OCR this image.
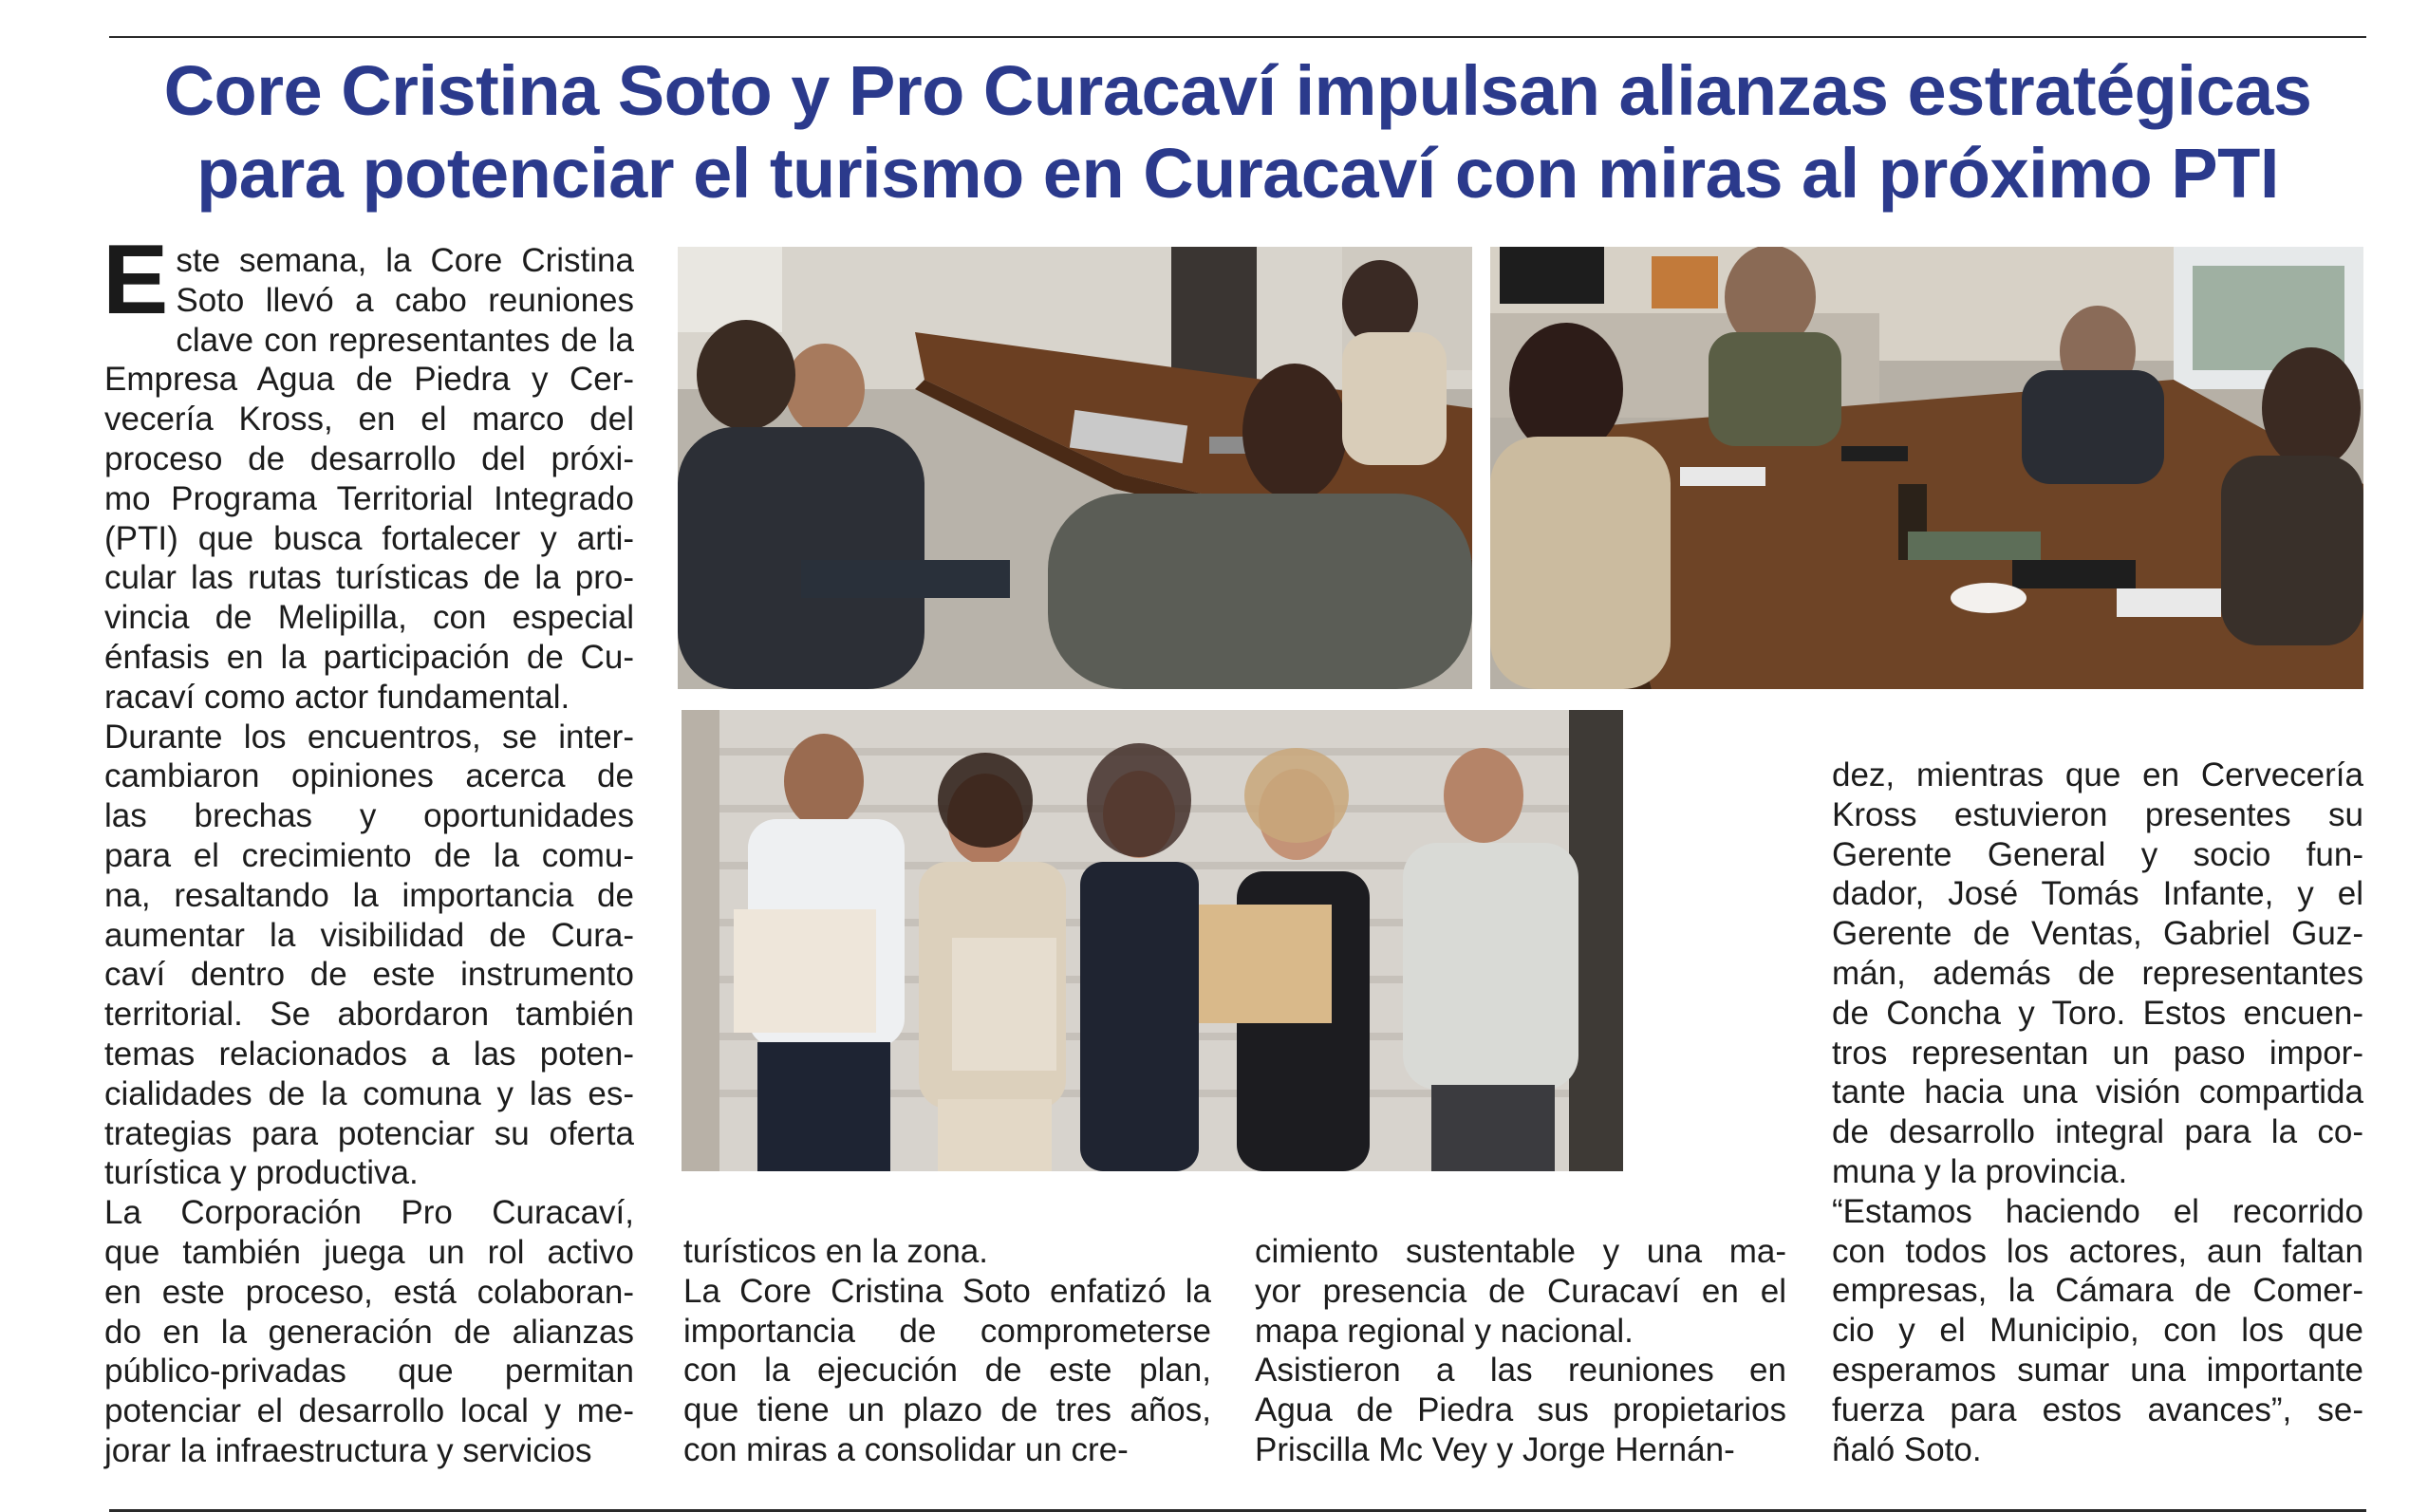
Core Cristina Soto y Pro Curacaví impulsan alianzas estratégicas
para potenciar el turismo en Curacaví con miras al próximo PTI
E ste semana, la Core Cristina
Soto llevó a cabo reuniones
clave con representantes de la
Empresa Agua de Piedra y Cer-
vecería Kross, en el marco del
proceso de desarrollo del próxi-
mo Programa Territorial Integrado
(PTI) que busca fortalecer y arti-
cular las rutas turísticas de la pro-
vincia de Melipilla, con especial
énfasis en la participación de Cu-
racaví como actor fundamental.
Durante los encuentros, se inter-
cambiaron opiniones acerca de
las brechas y oportunidades
para el crecimiento de la comu-
na, resaltando la importancia de
aumentar la visibilidad de Cura-
caví dentro de este instrumento
territorial. Se abordaron también
temas relacionados a las poten-
cialidades de la comuna y las es-
trategias para potenciar su oferta
turística y productiva.
La Corporación Pro Curacaví,
que también juega un rol activo
en este proceso, está colaboran-
do en la generación de alianzas
público-privadas que permitan
potenciar el desarrollo local y me-
jorar la infraestructura y servicios
turísticos en la zona.
La Core Cristina Soto enfatizó la
importancia de comprometerse
con la ejecución de este plan,
que tiene un plazo de tres años,
con miras a consolidar un cre-
cimiento sustentable y una ma-
yor presencia de Curacaví en el
mapa regional y nacional.
Asistieron a las reuniones en
Agua de Piedra sus propietarios
Priscilla Mc Vey y Jorge Hernán-
dez, mientras que en Cervecería
Kross estuvieron presentes su
Gerente General y socio fun-
dador, José Tomás Infante, y el
Gerente de Ventas, Gabriel Guz-
mán, además de representantes
de Concha y Toro. Estos encuen-
tros representan un paso impor-
tante hacia una visión compartida
de desarrollo integral para la co-
muna y la provincia.
“Estamos haciendo el recorrido
con todos los actores, aun faltan
empresas, la Cámara de Comer-
cio y el Municipio, con los que
esperamos sumar una importante
fuerza para estos avances”, se-
ñaló Soto.
